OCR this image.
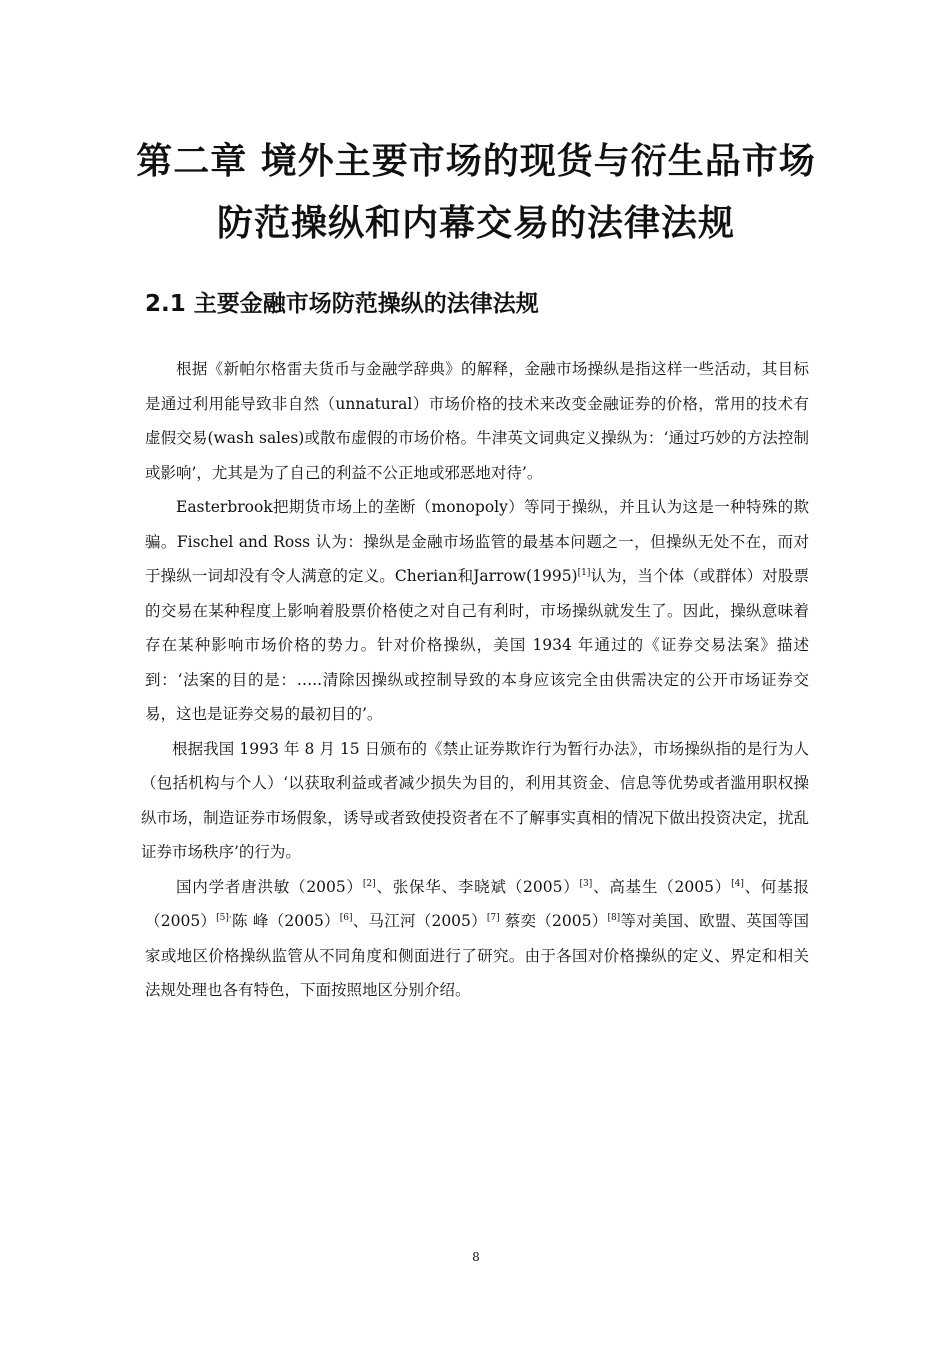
第二章 境外主要市场的现货与衍生品市场
防范操纵和内幕交易的法律法规
2.1 主要金融市场防范操纵的法律法规

根据《新帕尔格雷夫货币与金融学辞典》的解释，金融市场操纵是指这样一些活动，其目标是通过利用能导致非自然（unnatural）市场价格的技术来改变金融证券的价格，常用的技术有虚假交易(wash sales)或散布虚假的市场价格。牛津英文词典定义操纵为：‘通过巧妙的方法控制或影响’，尤其是为了自己的利益不公正地或邪恶地对待’。

Easterbrook把期货市场上的垄断（monopoly）等同于操纵，并且认为这是一种特殊的欺骗。Fischel and Ross 认为：操纵是金融市场监管的最基本问题之一，但操纵无处不在，而对于操纵一词却没有令人满意的定义。Cherian和Jarrow(1995)[1]认为，当个体（或群体）对股票的交易在某种程度上影响着股票价格使之对自己有利时，市场操纵就发生了。因此，操纵意味着存在某种影响市场价格的势力。针对价格操纵，美国 1934 年通过的《证券交易法案》描述到：‘法案的目的是：…..清除因操纵或控制导致的本身应该完全由供需决定的公开市场证券交易，这也是证券交易的最初目的’。

根据我国 1993 年 8 月 15 日颁布的《禁止证券欺诈行为暂行办法》，市场操纵指的是行为人（包括机构与个人）‘以获取利益或者减少损失为目的，利用其资金、信息等优势或者滥用职权操纵市场，制造证券市场假象，诱导或者致使投资者在不了解事实真相的情况下做出投资决定，扰乱证券市场秩序’的行为。

国内学者唐洪敏（2005）[2]、张保华、李晓斌（2005）[3]、高基生（2005）[4]、何基报$(2005)^{[5]\cdot}$陈 峰（2005）[6]、马江河（2005）[7] 蔡奕（2005）[8]等对美国、欧盟、英国等国家或地区价格操纵监管从不同角度和侧面进行了研究。由于各国对价格操纵的定义、界定和相关法规处理也各有特色，下面按照地区分别介绍。

8
